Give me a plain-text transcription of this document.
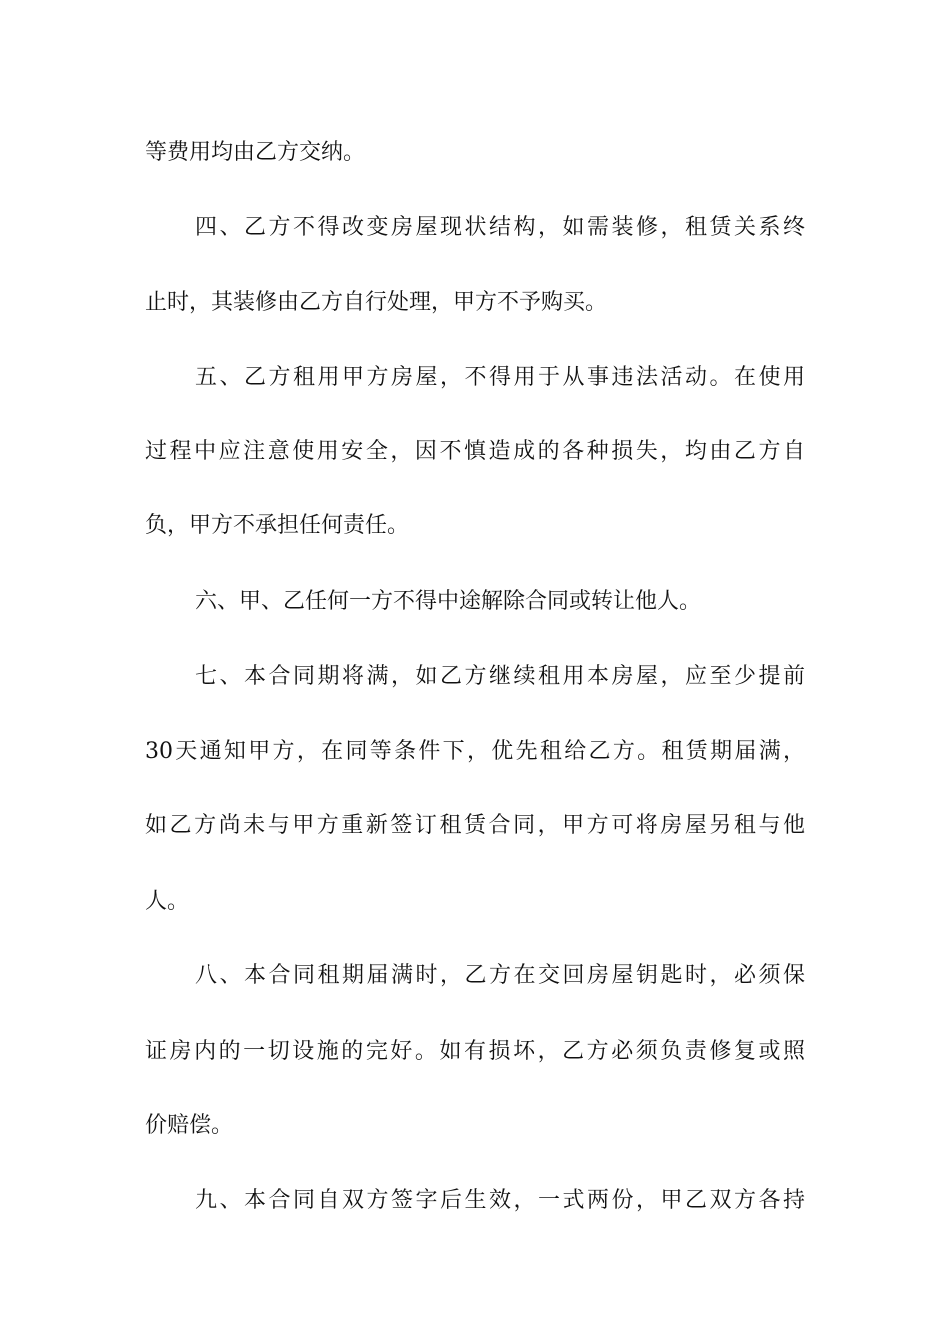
等费用均由乙方交纳。
四、乙方不得改变房屋现状结构，如需装修，租赁关系终
止时，其装修由乙方自行处理，甲方不予购买。
五、乙方租用甲方房屋，不得用于从事违法活动。在使用
过程中应注意使用安全，因不慎造成的各种损失，均由乙方自
负，甲方不承担任何责任。
六、甲、乙任何一方不得中途解除合同或转让他人。
七、本合同期将满，如乙方继续租用本房屋，应至少提前
30天通知甲方，在同等条件下，优先租给乙方。租赁期届满，
如乙方尚未与甲方重新签订租赁合同，甲方可将房屋另租与他
人。
八、本合同租期届满时，乙方在交回房屋钥匙时，必须保
证房内的一切设施的完好。如有损坏，乙方必须负责修复或照
价赔偿。
九、本合同自双方签字后生效，一式两份，甲乙双方各持
